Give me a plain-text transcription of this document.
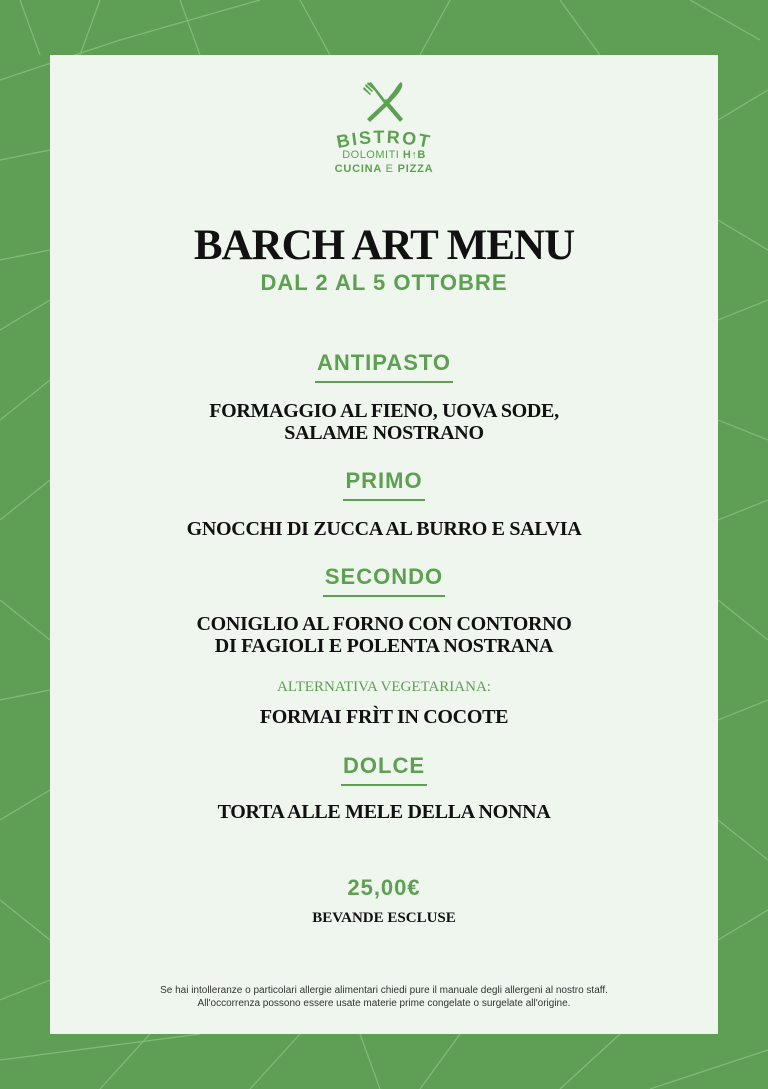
BISTROT
DOLOMITI H↑B
CUCINA E PIZZA
BARCH ART MENU
DAL 2 AL 5 OTTOBRE
ANTIPASTO
FORMAGGIO AL FIENO, UOVA SODE,
SALAME NOSTRANO
PRIMO
GNOCCHI DI ZUCCA AL BURRO E SALVIA
SECONDO
CONIGLIO AL FORNO CON CONTORNO
DI FAGIOLI E POLENTA NOSTRANA
ALTERNATIVA VEGETARIANA:
FORMAI FRÌT IN COCOTE
DOLCE
TORTA ALLE MELE DELLA NONNA
25,00€
BEVANDE ESCLUSE
Se hai intolleranze o particolari allergie alimentari chiedi pure il manuale degli allergeni al nostro staff.
All'occorrenza possono essere usate materie prime congelate o surgelate all'origine.
